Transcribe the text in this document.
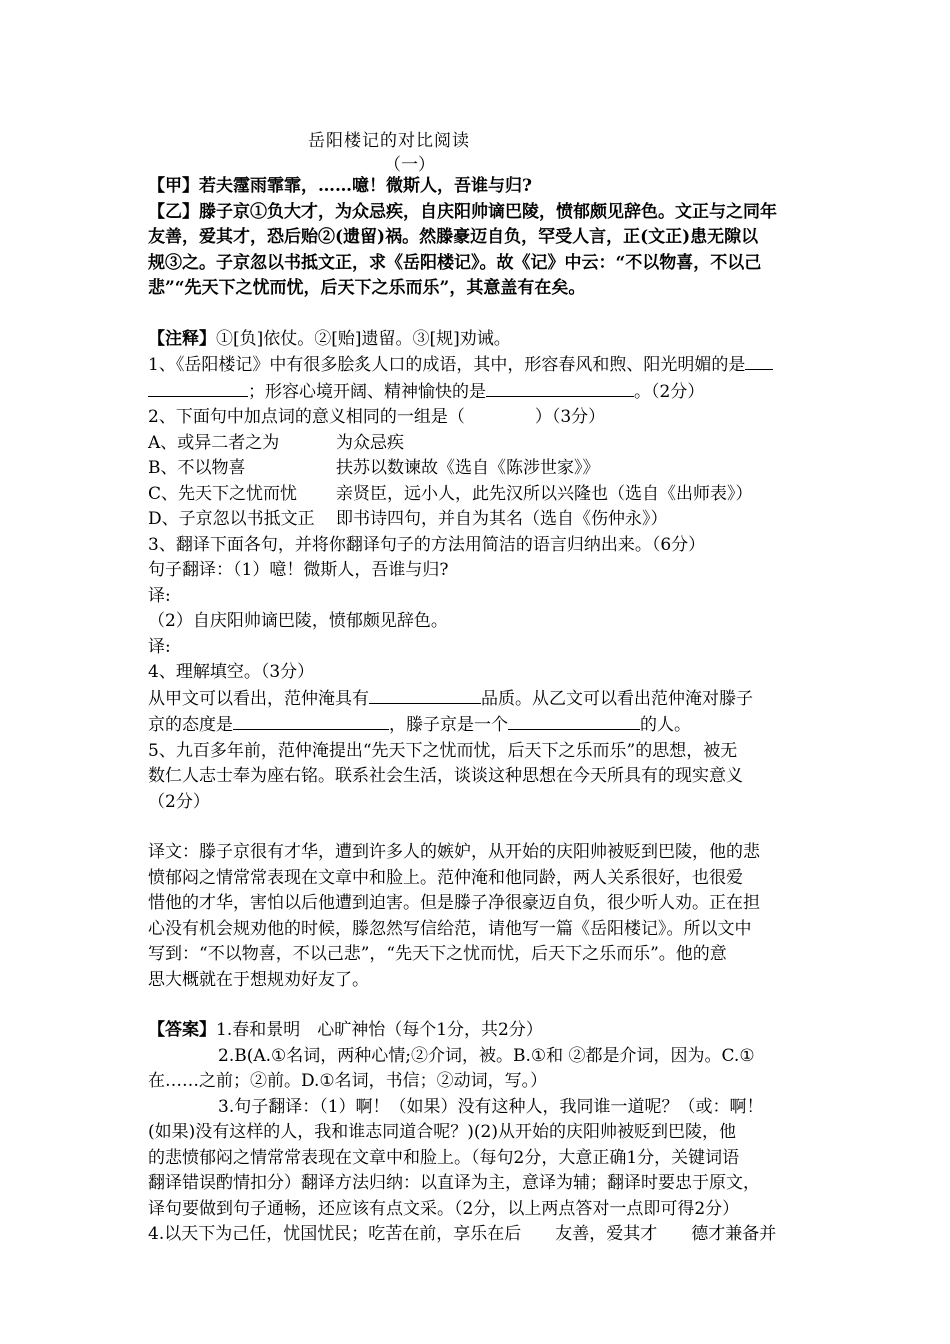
岳阳楼记的对比阅读
（一）

【甲】若夫霪雨霏霏，……噫！微斯人，吾谁与归?

【乙】滕子京①负大才，为众忌疾，自庆阳帅谪巴陵，愤郁颇见辞色。文正与之同年

友善，爱其才，恐后贻②(遗留)祸。然滕豪迈自负，罕受人言，正(文正)患无隙以

规③之。子京忽以书抵文正，求《岳阳楼记》。故《记》中云：“不以物喜，不以己

悲”“先天下之忧而忧，后天下之乐而乐”，其意盖有在矣。

【注释】①[负]依仗。②[贻]遗留。③[规]劝诫。

1、《岳阳楼记》中有很多脍炙人口的成语，其中，形容春风和煦、阳光明媚的是

；形容心境开阔、精神愉快的是	。（2分）

2、下面句中加点词的意义相同的一组是（	）（3分）

A、或异二者之为	为众忌疾

B、不以物喜	扶苏以数谏故《选自《陈涉世家》》

C、先天下之忧而忧 亲贤臣，远小人，此先汉所以兴隆也（选自《出师表》）

D、子京忽以书抵文正 即书诗四句，并自为其名（选自《伤仲永》）

3、翻译下面各句，并将你翻译句子的方法用简洁的语言归纳出来。（6分）

句子翻译：（1）噫！微斯人，吾谁与归?

译:

（2）自庆阳帅谪巴陵，愤郁颇见辞色。

译:

4、理解填空。（3分）

从甲文可以看出，范仲淹具有	品质。从乙文可以看出范仲淹对滕子

京的态度是	，滕子京是一个	的人。

5、九百多年前，范仲淹提出“先天下之忧而忧，后天下之乐而乐”的思想，被无

数仁人志士奉为座右铭。联系社会生活，谈谈这种思想在今天所具有的现实意义

（2分）

译文：滕子京很有才华，遭到许多人的嫉妒，从开始的庆阳帅被贬到巴陵，他的悲

愤郁闷之情常常表现在文章中和脸上。范仲淹和他同龄，两人关系很好，也很爱

惜他的才华，害怕以后他遭到迫害。但是滕子净很豪迈自负，很少听人劝。正在担

心没有机会规劝他的时候，滕忽然写信给范，请他写一篇《岳阳楼记》。所以文中

写到：“不以物喜，不以己悲”，“先天下之忧而忧，后天下之乐而乐”。他的意

思大概就在于想规劝好友了。

【答案】1.春和景明　心旷神怡（每个1分，共2分）

2.B(A.①名词，两种心情;②介词，被。B.①和 ②都是介词，因为。C.①

在……之前；②前。D.①名词，书信；②动词，写。）

3.句子翻译：（1）啊！（如果）没有这种人，我同谁一道呢？（或：啊！

(如果)没有这样的人，我和谁志同道合呢？)(2)从开始的庆阳帅被贬到巴陵，他

的悲愤郁闷之情常常表现在文章中和脸上。（每句2分，大意正确1分，关键词语

翻译错误酌情扣分）翻译方法归纳：以直译为主，意译为辅；翻译时要忠于原文，

译句要做到句子通畅，还应该有点文采。（2分，以上两点答对一点即可得2分）

4.以天下为己任，忧国忧民；吃苦在前，享乐在后　　友善，爱其才　　德才兼备并
